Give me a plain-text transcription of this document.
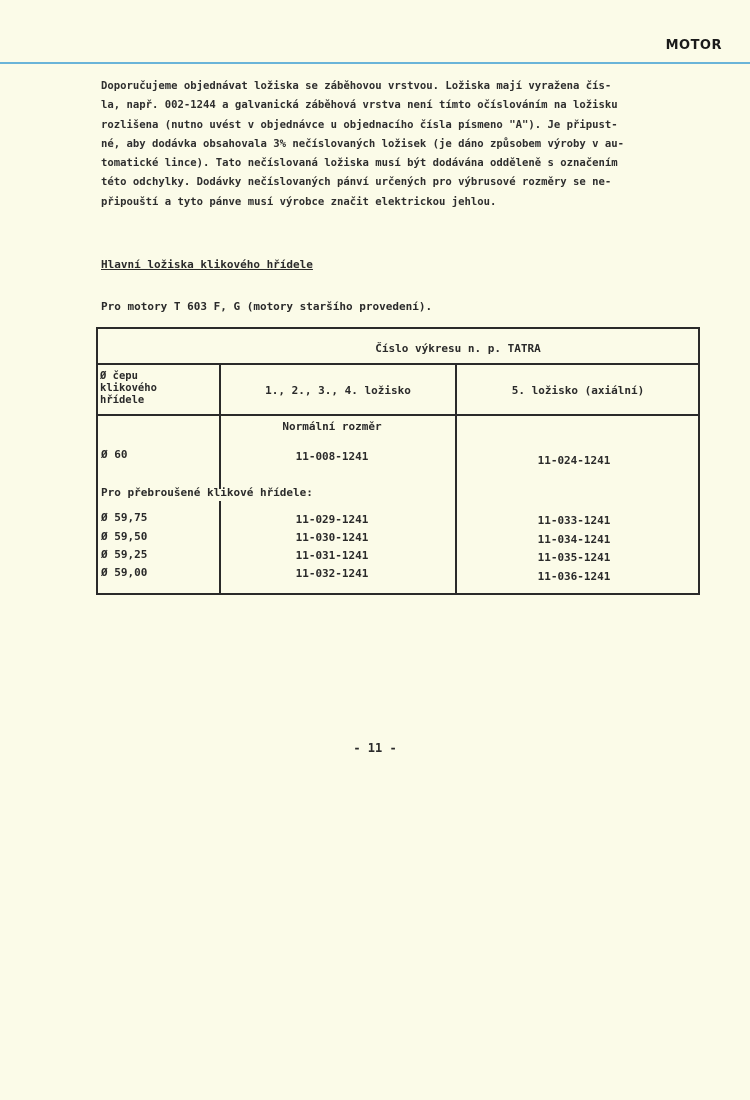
MOTOR
Doporučujeme objednávat ložiska se záběhovou vrstvou. Ložiska mají vyražena čís-
la, např. 002-1244 a galvanická záběhová vrstva není tímto očíslováním na ložisku
rozlišena (nutno uvést v objednávce u objednacího čísla písmeno "A"). Je připust-
né, aby dodávka obsahovala 3% nečíslovaných ložisek (je dáno způsobem výroby v au-
tomatické lince). Tato nečíslovaná ložiska musí být dodávána odděleně s označením
této odchylky. Dodávky nečíslovaných pánví určených pro výbrusové rozměry se ne-
připouští a tyto pánve musí výrobce značit elektrickou jehlou.
Hlavní ložiska klikového hřídele
Pro motory T 603 F, G (motory staršího provedení).
Číslo výkresu n. p. TATRA
Ø čepu
klikového
hřídele
1., 2., 3., 4. ložisko	5. ložisko (axiální)
Normální rozměr
Ø 60	11-008-1241	11-024-1241
Pro přebroušené klikové hřídele:
Ø 59,75	11-029-1241	11-033-1241
Ø 59,50	11-030-1241	11-034-1241
Ø 59,25	11-031-1241	11-035-1241
Ø 59,00	11-032-1241	11-036-1241
- 11 -
